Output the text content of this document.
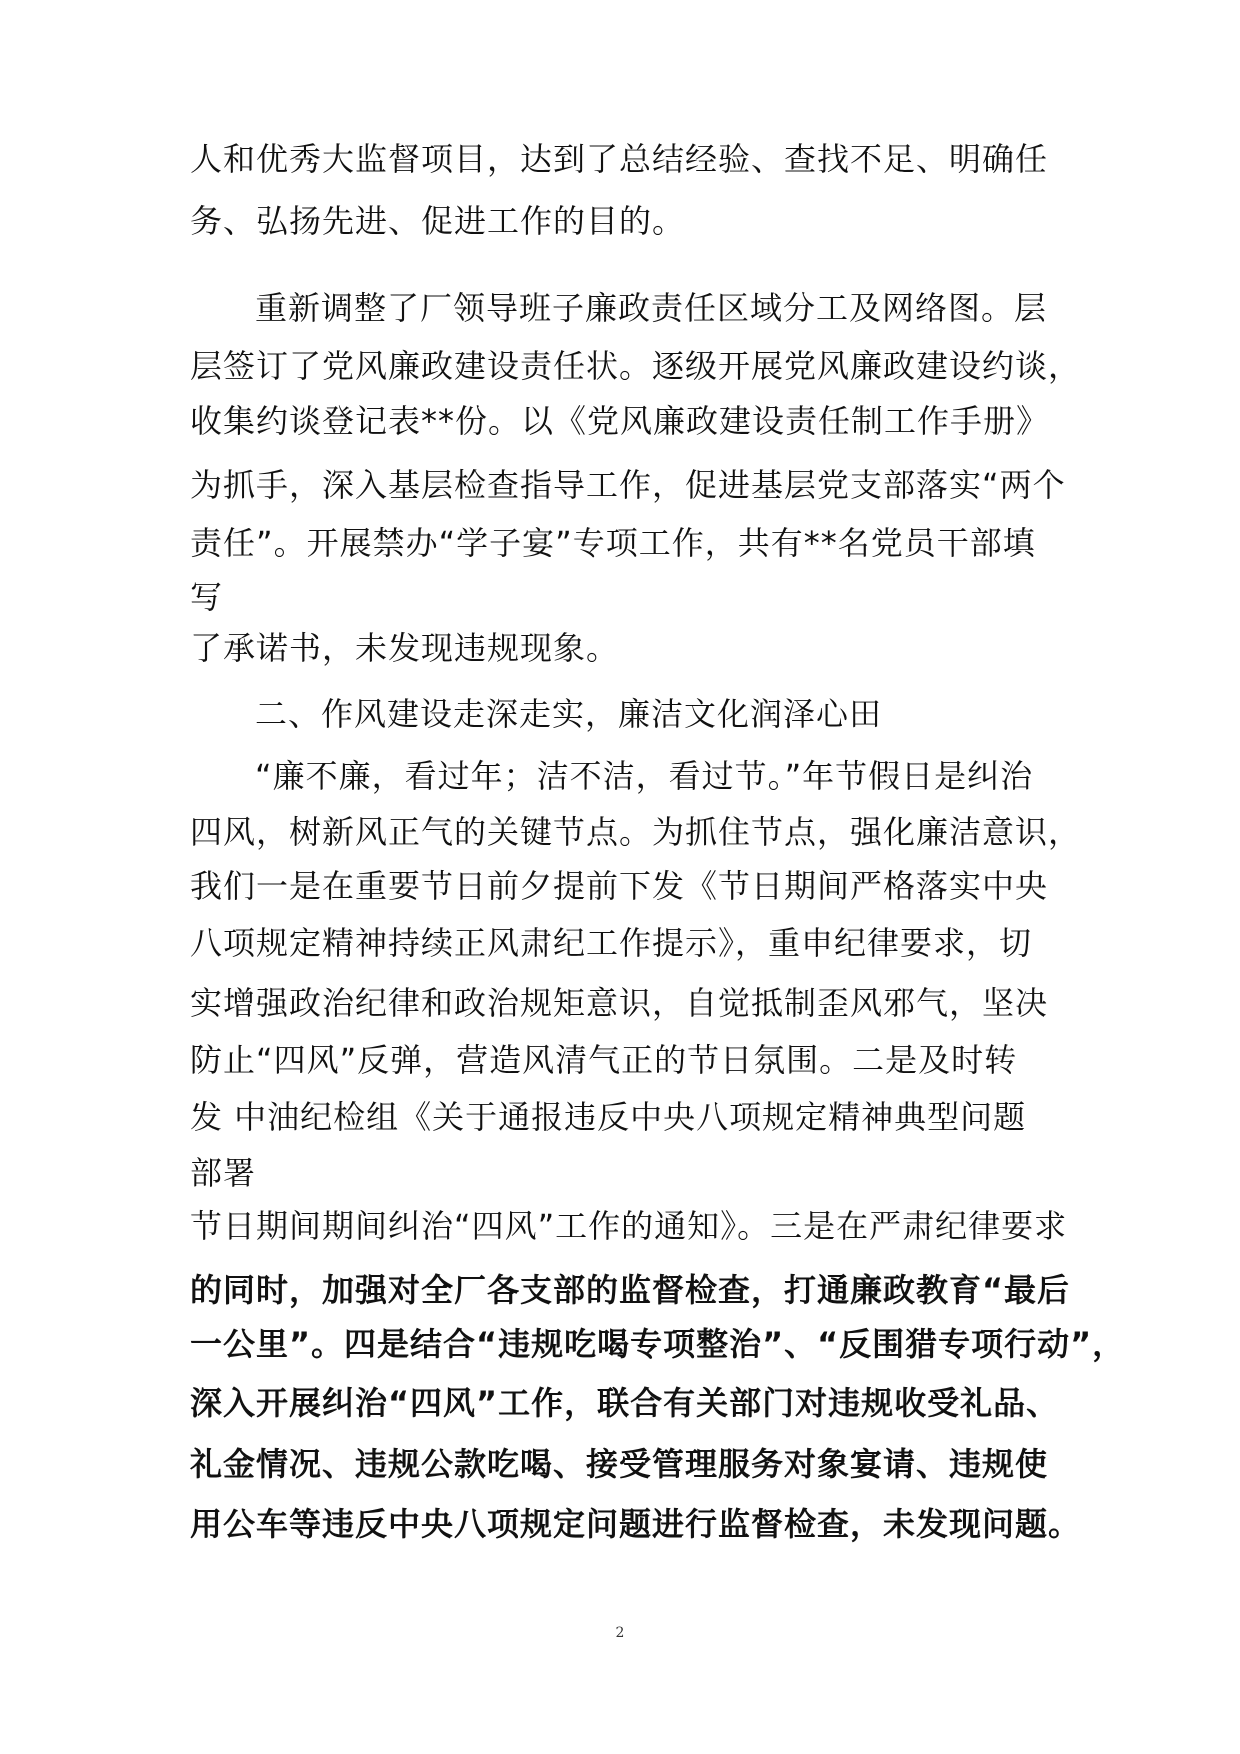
人和优秀大监督项目，达到了总结经验、查找不足、明确任
务、弘扬先进、促进工作的目的。
重新调整了厂领导班子廉政责任区域分工及网络图。层
层签订了党风廉政建设责任状。逐级开展党风廉政建设约谈，
收集约谈登记表**份。以《党风廉政建设责任制工作手册》
为抓手，深入基层检查指导工作，促进基层党支部落实“两个
责任”。开展禁办“学子宴”专项工作，共有**名党员干部填
写
了承诺书，未发现违规现象。
二、作风建设走深走实，廉洁文化润泽心田
“廉不廉，看过年；洁不洁，看过节。”年节假日是纠治
四风，树新风正气的关键节点。为抓住节点，强化廉洁意识，
我们一是在重要节日前夕提前下发《节日期间严格落实中央
八项规定精神持续正风肃纪工作提示》，重申纪律要求，切
实增强政治纪律和政治规矩意识，自觉抵制歪风邪气，坚决
防止“四风”反弹，营造风清气正的节日氛围。二是及时转
发 中油纪检组《关于通报违反中央八项规定精神典型问题
部署
节日期间期间纠治“四风”工作的通知》。三是在严肃纪律要求
的同时，加强对全厂各支部的监督检查，打通廉政教育“最后
一公里”。四是结合“违规吃喝专项整治”、“反围猎专项行动”，
深入开展纠治“四风”工作，联合有关部门对违规收受礼品、
礼金情况、违规公款吃喝、接受管理服务对象宴请、违规使
用公车等违反中央八项规定问题进行监督检查，未发现问题。
2
